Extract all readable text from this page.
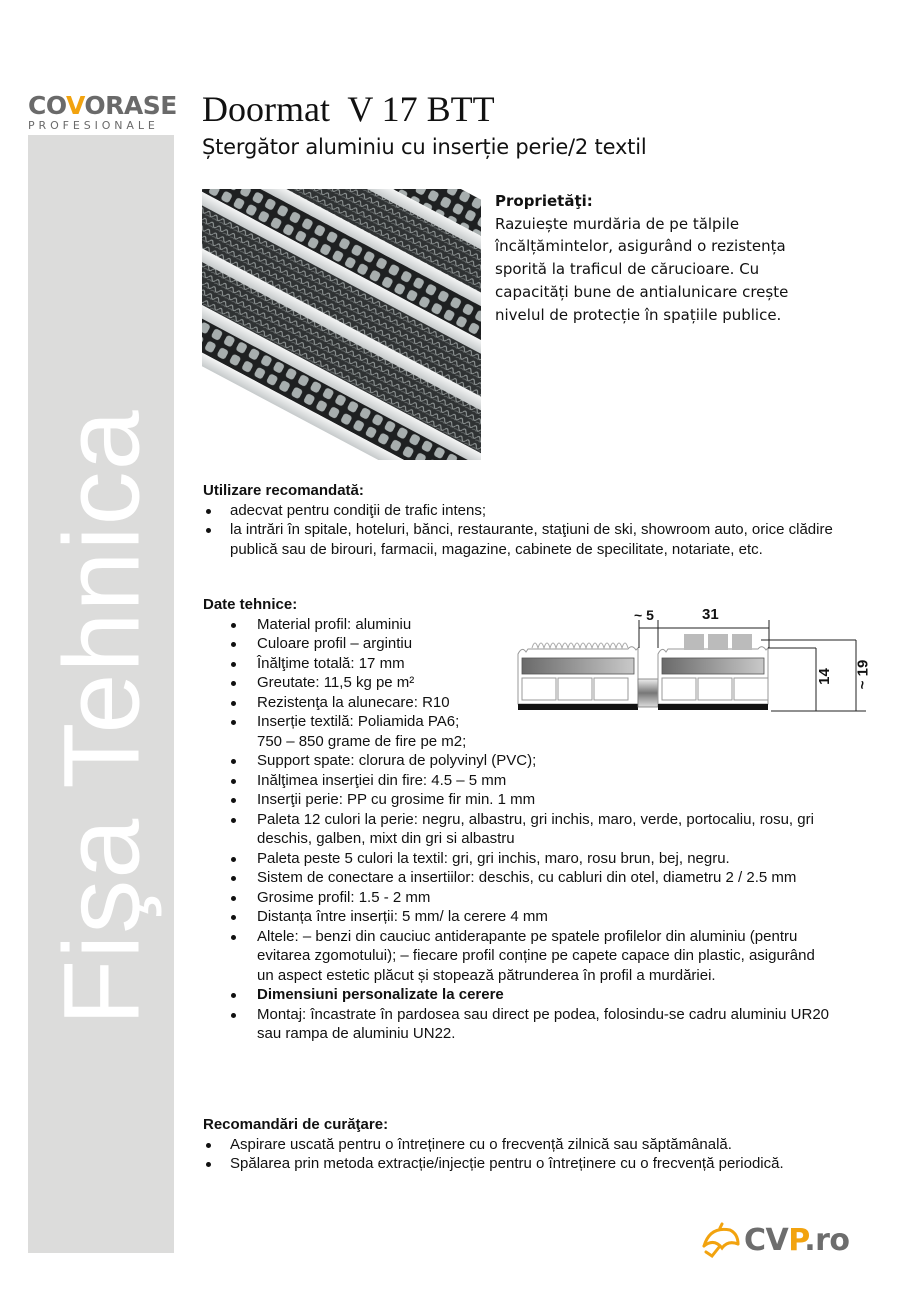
Fişa Tehnica
COVORASE
PROFESIONALE	Doormat  V 17 BTT
Ștergător aluminiu cu inserție perie/2 textil
Proprietăţi:
Razuiește murdăria de pe tălpile
încălțămintelor, asigurând o rezistența
sporită la traficul de cărucioare. Cu
capacități bune de antialunicare crește
nivelul de protecție în spațiile publice.
Utilizare recomandată:
adecvat pentru condiţii de trafic intens;
la intrări în spitale, hoteluri, bănci, restaurante, staţiuni de ski, showroom auto, orice clădire publică sau de birouri, farmacii, magazine, cabinete de specilitate, notariate, etc.
Date tehnice:
Material profil: aluminiu
Culoare profil – argintiu
Înălţime totală: 17 mm
Greutate: 11,5 kg pe m²
Rezistenţa la alunecare: R10
Inserție textilă: Poliamida PA6; 750 – 850 grame de fire pe m2;
Support spate: clorura de polyvinyl (PVC);
Inălţimea inserţiei din fire: 4.5 – 5 mm
Inserţii perie: PP cu grosime fir min. 1 mm
Paleta 12 culori la perie: negru, albastru, gri inchis, maro, verde, portocaliu, rosu, gri deschis, galben, mixt din gri si albastru
Paleta peste 5 culori la textil: gri, gri inchis, maro, rosu brun, bej, negru.
Sistem de conectare a insertiilor: deschis, cu cabluri din otel, diametru 2 / 2.5 mm
Grosime profil: 1.5 - 2 mm
Distanța între inserții: 5 mm/ la cerere 4 mm
Altele: – benzi din cauciuc antiderapante pe spatele profilelor din aluminiu (pentru evitarea zgomotului); – fiecare profil conține pe capete capace din plastic, asigurând un aspect estetic plăcut și stopează pătrunderea în profil a murdăriei.
Dimensiuni personalizate la cerere
Montaj: încastrate în pardosea sau direct pe podea, folosindu-se cadru aluminiu UR20 sau rampa de aluminiu UN22.
~ 5	31
14 ~ 19
Recomandări de curăţare:
Aspirare uscată pentru o întreținere cu o frecvență zilnică sau săptămânală.
Spălarea prin metoda extracție/injecție pentru o întreținere cu o frecvență periodică.
CVP.ro
